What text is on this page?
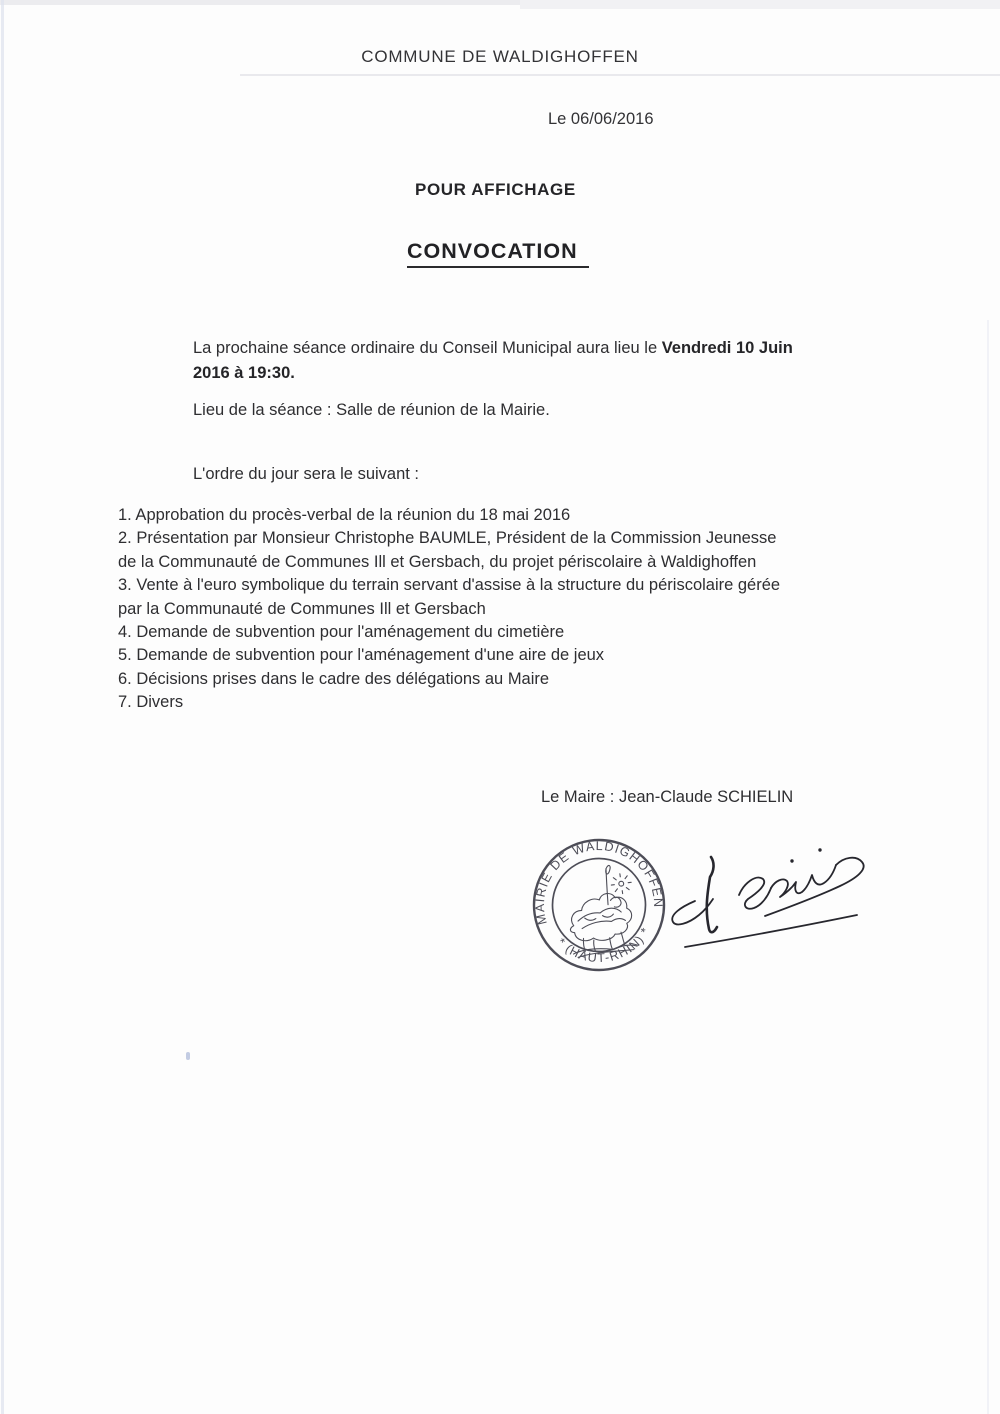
COMMUNE DE WALDIGHOFFEN
Le 06/06/2016
POUR AFFICHAGE
CONVOCATION
La prochaine séance ordinaire du Conseil Municipal aura lieu le Vendredi 10 Juin
2016 à 19:30.
Lieu de la séance : Salle de réunion de la Mairie.
L'ordre du jour sera le suivant :
1. Approbation du procès-verbal de la réunion du 18 mai 2016
2. Présentation par Monsieur Christophe BAUMLE, Président de la Commission Jeunesse
de la Communauté de Communes Ill et Gersbach, du projet périscolaire à Waldighoffen
3. Vente à l'euro symbolique du terrain servant d'assise à la structure du périscolaire gérée
par la Communauté de Communes Ill et Gersbach
4. Demande de subvention pour l'aménagement du cimetière
5. Demande de subvention pour l'aménagement d'une aire de jeux
6. Décisions prises dans le cadre des délégations au Maire
7. Divers
Le Maire : Jean-Claude SCHIELIN
MAIRIE DE WALDIGHOFFEN
* (HAUT-RHIN) *
